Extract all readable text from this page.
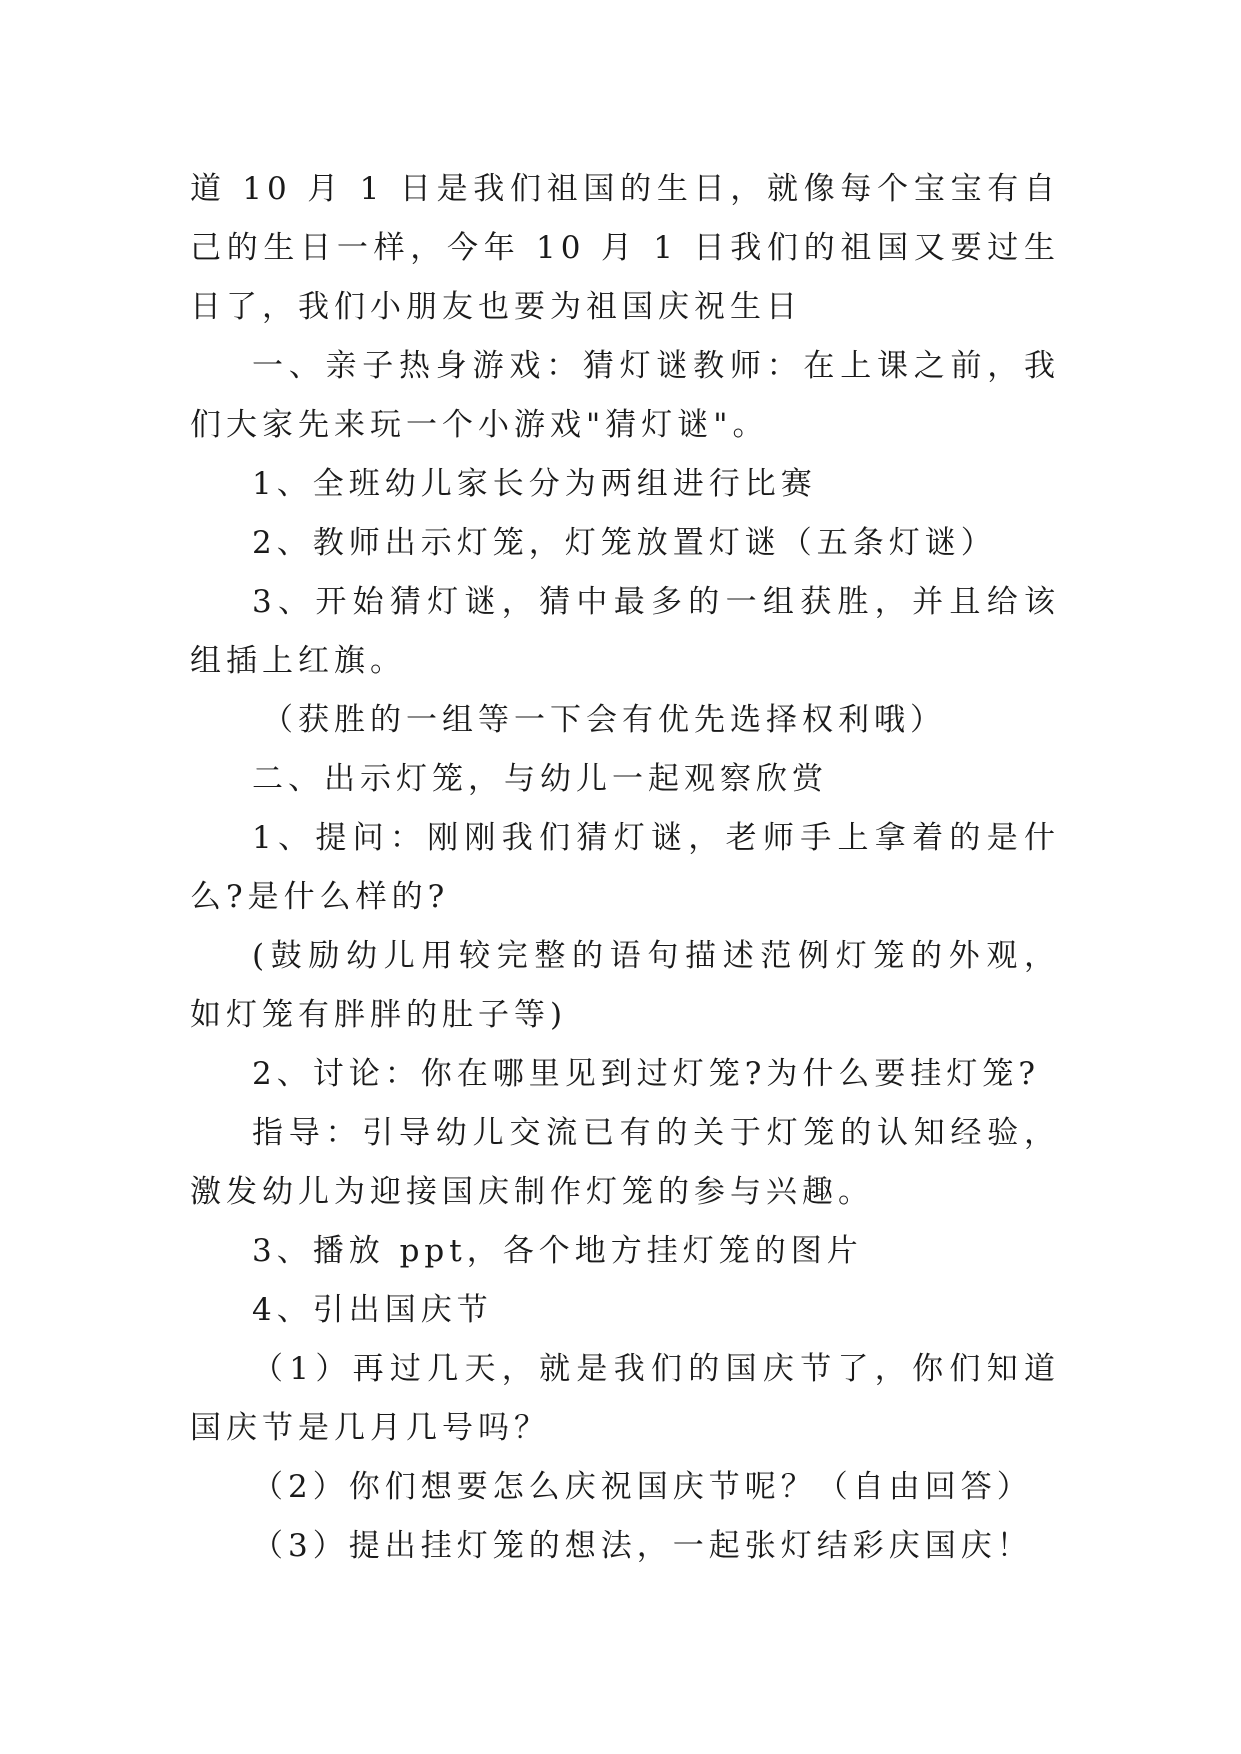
道 10 月 1 日是我们祖国的生日，就像每个宝宝有自己的生日一样，今年 10 月 1 日我们的祖国又要过生日了，我们小朋友也要为祖国庆祝生日

一、亲子热身游戏：猜灯谜教师：在上课之前，我们大家先来玩一个小游戏"猜灯谜"。

1、全班幼儿家长分为两组进行比赛

2、教师出示灯笼，灯笼放置灯谜（五条灯谜）

3、开始猜灯谜，猜中最多的一组获胜，并且给该组插上红旗。

（获胜的一组等一下会有优先选择权利哦）

二、出示灯笼，与幼儿一起观察欣赏

1、提问：刚刚我们猜灯谜，老师手上拿着的是什么?是什么样的?

(鼓励幼儿用较完整的语句描述范例灯笼的外观，如灯笼有胖胖的肚子等)

2、讨论：你在哪里见到过灯笼?为什么要挂灯笼?

指导：引导幼儿交流已有的关于灯笼的认知经验，激发幼儿为迎接国庆制作灯笼的参与兴趣。

3、播放 ppt，各个地方挂灯笼的图片

4、引出国庆节

（1）再过几天，就是我们的国庆节了，你们知道国庆节是几月几号吗？

（2）你们想要怎么庆祝国庆节呢？（自由回答）

（3）提出挂灯笼的想法，一起张灯结彩庆国庆！
